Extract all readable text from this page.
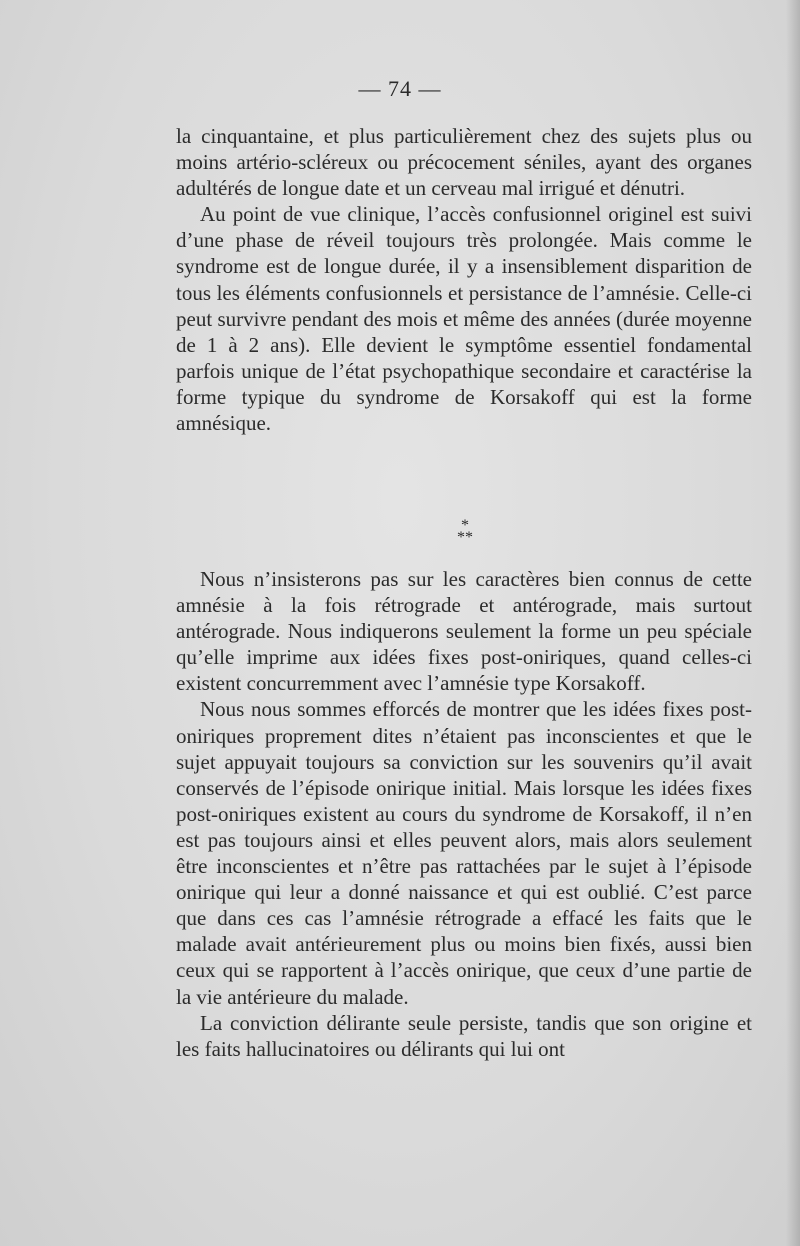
— 74 —

la cinquantaine, et plus particulièrement chez des sujets plus ou moins artério-scléreux ou précocement séniles, ayant des organes adultérés de longue date et un cerveau mal irrigué et dénutri.

Au point de vue clinique, l’accès confusionnel originel est suivi d’une phase de réveil toujours très prolongée. Mais comme le syndrome est de longue durée, il y a insensiblement disparition de tous les éléments confusionnels et persistance de l’amnésie. Celle-ci peut survivre pendant des mois et même des années (durée moyenne de 1 à 2 ans). Elle devient le symptôme essentiel fondamental parfois unique de l’état psychopathique secondaire et caractérise la forme typique du syndrome de Korsakoff qui est la forme amnésique.

*
**

Nous n’insisterons pas sur les caractères bien connus de cette amnésie à la fois rétrograde et antérograde, mais surtout antérograde. Nous indiquerons seulement la forme un peu spéciale qu’elle imprime aux idées fixes post-oniriques, quand celles-ci existent concurremment avec l’amnésie type Korsakoff.

Nous nous sommes efforcés de montrer que les idées fixes post-oniriques proprement dites n’étaient pas inconscientes et que le sujet appuyait toujours sa conviction sur les souvenirs qu’il avait conservés de l’épisode onirique initial. Mais lorsque les idées fixes post-oniriques existent au cours du syndrome de Korsakoff, il n’en est pas toujours ainsi et elles peuvent alors, mais alors seulement être inconscientes et n’être pas rattachées par le sujet à l’épisode onirique qui leur a donné naissance et qui est oublié. C’est parce que dans ces cas l’amnésie rétrograde a effacé les faits que le malade avait antérieurement plus ou moins bien fixés, aussi bien ceux qui se rapportent à l’accès onirique, que ceux d’une partie de la vie antérieure du malade.

La conviction délirante seule persiste, tandis que son origine et les faits hallucinatoires ou délirants qui lui ont
